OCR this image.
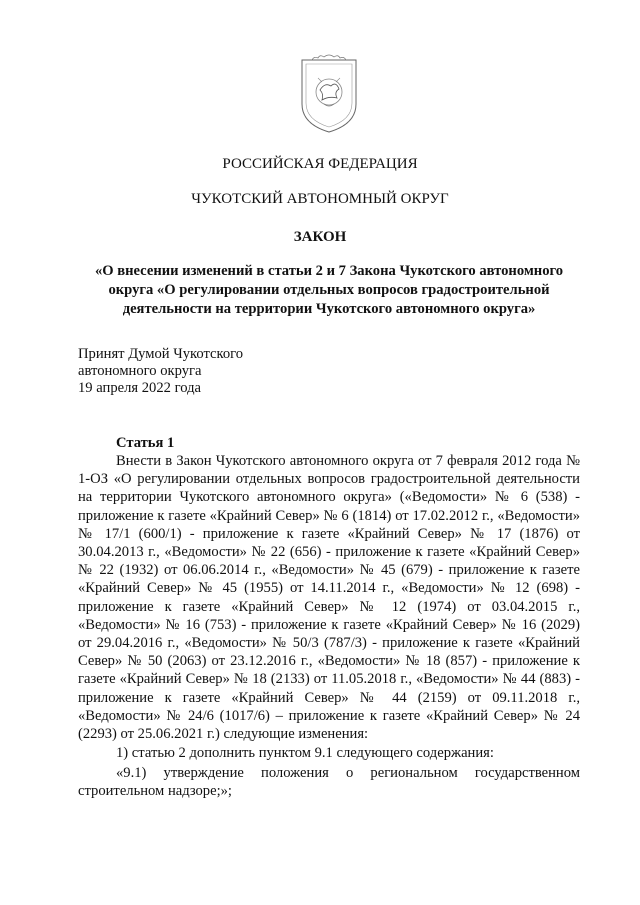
РОССИЙСКАЯ ФЕДЕРАЦИЯ

ЧУКОТСКИЙ АВТОНОМНЫЙ ОКРУГ

ЗАКОН

«О внесении изменений в статьи 2 и 7 Закона Чукотского автономного округа «О регулировании отдельных вопросов градостроительной деятельности на территории Чукотского автономного округа»

Принят Думой Чукотского
автономного округа
19 апреля 2022 года
Статья 1

Внести в Закон Чукотского автономного округа от 7 февраля 2012 года № 1-ОЗ «О регулировании отдельных вопросов градостроительной деятельности на территории Чукотского автономного округа» («Ведомости» № 6 (538) - приложение к газете «Крайний Север» № 6 (1814) от 17.02.2012 г., «Ведомости» № 17/1 (600/1) - приложение к газете «Крайний Север» № 17 (1876) от 30.04.2013 г., «Ведомости» № 22 (656) - приложение к газете «Крайний Север» № 22 (1932) от 06.06.2014 г., «Ведомости» № 45 (679) - приложение к газете «Крайний Север» № 45 (1955) от 14.11.2014 г., «Ведомости» № 12 (698) - приложение к газете «Крайний Север» № 12 (1974) от 03.04.2015 г., «Ведомости» № 16 (753) - приложение к газете «Крайний Север» № 16 (2029) от 29.04.2016 г., «Ведомости» № 50/3 (787/3) - приложение к газете «Крайний Север» № 50 (2063) от 23.12.2016 г., «Ведомости» № 18 (857) - приложение к газете «Крайний Север» № 18 (2133) от 11.05.2018 г., «Ведомости» № 44 (883) - приложение к газете «Крайний Север» № 44 (2159) от 09.11.2018 г., «Ведомости» № 24/6 (1017/6) – приложение к газете «Крайний Север» № 24 (2293) от 25.06.2021 г.) следующие изменения:

1) статью 2 дополнить пунктом 9.1 следующего содержания:

«9.1) утверждение положения о региональном государственном строительном надзоре;»;
